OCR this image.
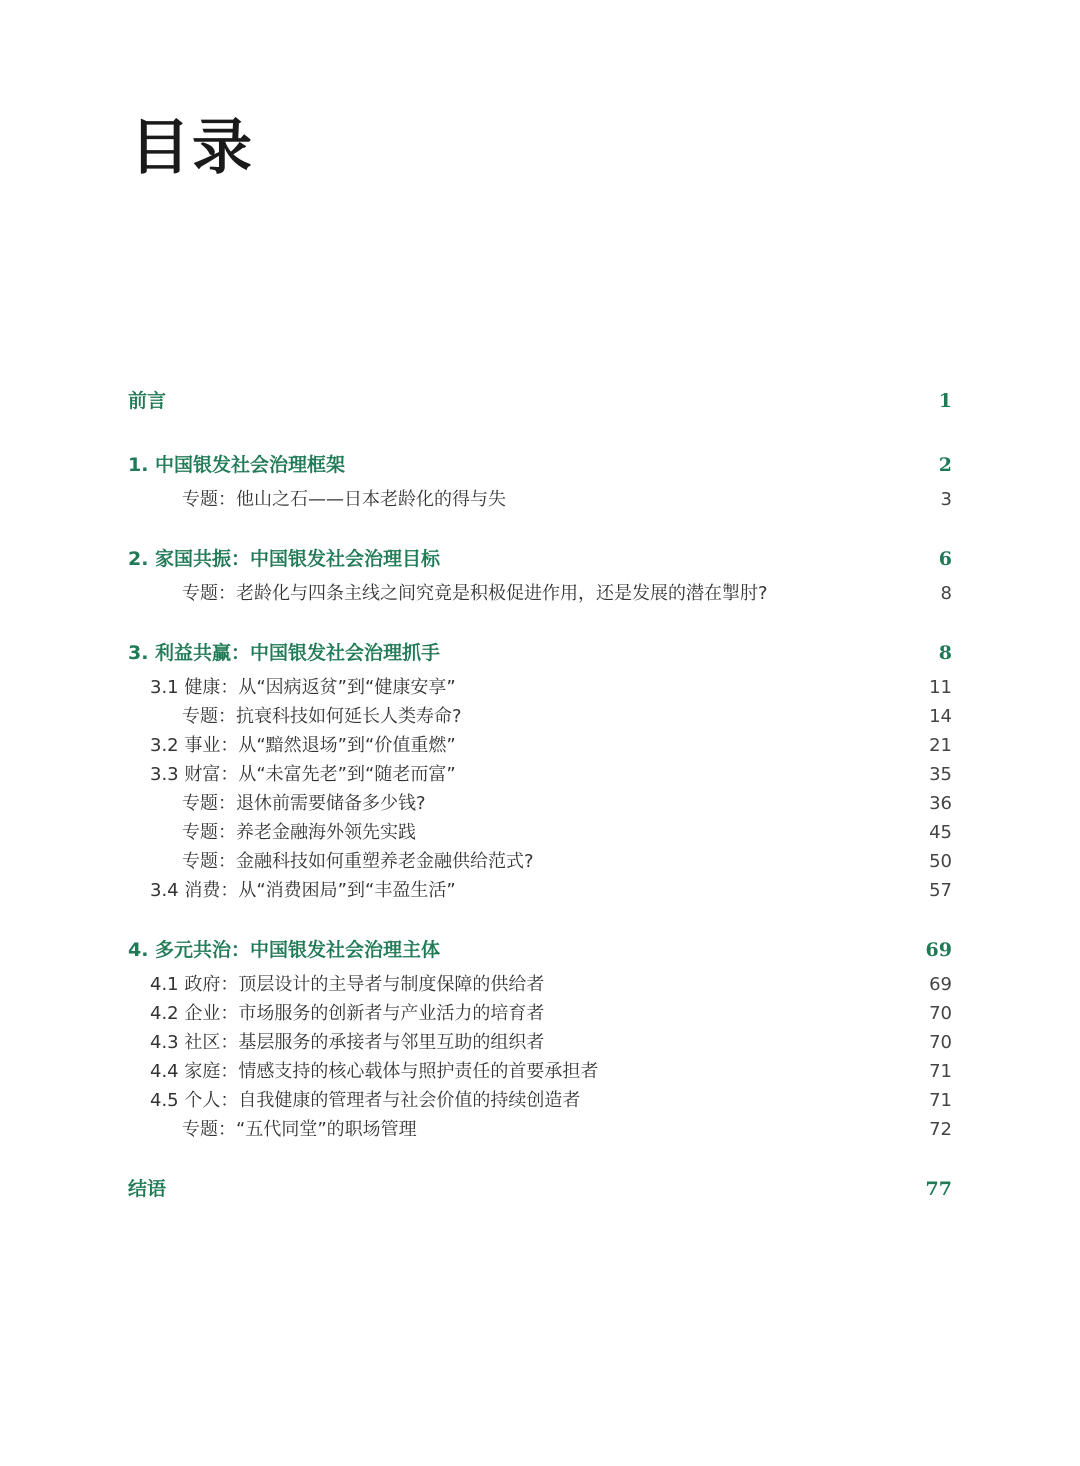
目录
前言	1
1. 中国银发社会治理框架	2
专题：他山之石——日本老龄化的得与失	3
2. 家国共振：中国银发社会治理目标	6
专题：老龄化与四条主线之间究竟是积极促进作用，还是发展的潜在掣肘?	8
3. 利益共赢：中国银发社会治理抓手	8
3.1 健康：从“因病返贫”到“健康安享”	11
专题：抗衰科技如何延长人类寿命?	14
3.2 事业：从“黯然退场”到“价值重燃”	21
3.3 财富：从“未富先老”到“随老而富”	35
专题：退休前需要储备多少钱?	36
专题：养老金融海外领先实践	45
专题：金融科技如何重塑养老金融供给范式?	50
3.4 消费：从“消费困局”到“丰盈生活”	57
4. 多元共治：中国银发社会治理主体	69
4.1 政府：顶层设计的主导者与制度保障的供给者	69
4.2 企业：市场服务的创新者与产业活力的培育者	70
4.3 社区：基层服务的承接者与邻里互助的组织者	70
4.4 家庭：情感支持的核心载体与照护责任的首要承担者	71
4.5 个人：自我健康的管理者与社会价值的持续创造者	71
专题：“五代同堂”的职场管理	72
结语	77
